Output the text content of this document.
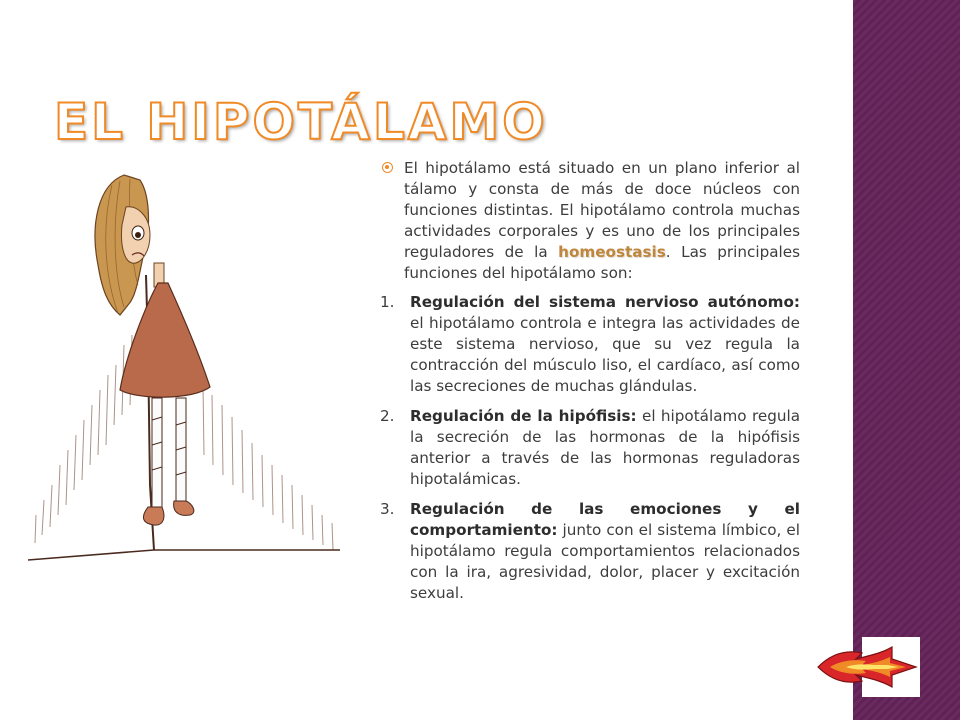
EL HIPOTÁLAMO

El hipotálamo está situado en un plano inferior al tálamo y consta de más de doce núcleos con funciones distintas. El hipotálamo controla muchas actividades corporales y es uno de los principales reguladores de la homeostasis. Las principales funciones del hipotálamo son:

1. Regulación del sistema nervioso autónomo: el hipotálamo controla e integra las actividades de este sistema nervioso, que su vez regula la contracción del músculo liso, el cardíaco, así como las secreciones de muchas glándulas.

2. Regulación de la hipófisis: el hipotálamo regula la secreción de las hormonas de la hipófisis anterior a través de las hormonas reguladoras hipotalámicas.

3. Regulación de las emociones y el comportamiento: junto con el sistema límbico, el hipotálamo regula comportamientos relacionados con la ira, agresividad, dolor, placer y excitación sexual.
